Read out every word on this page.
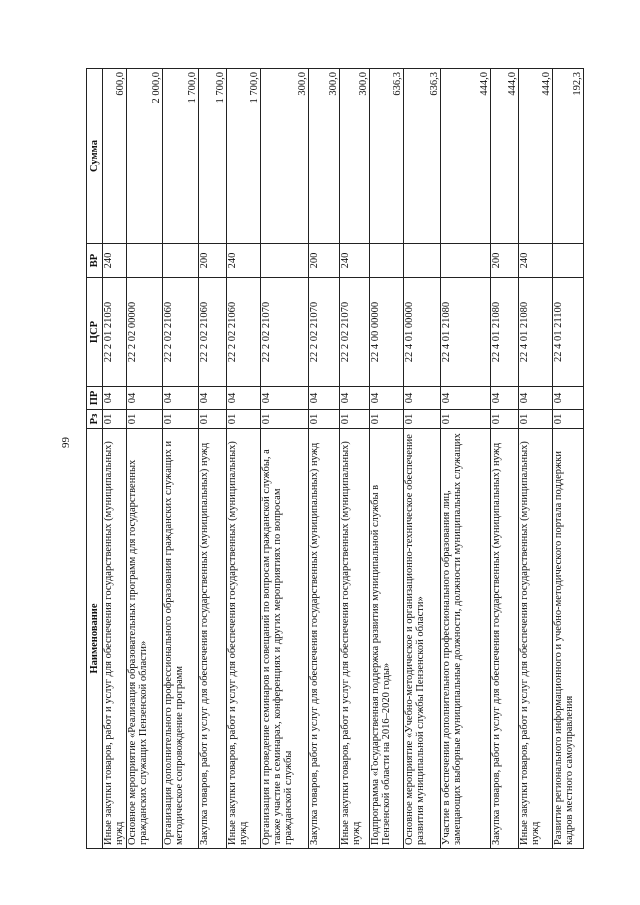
99
Наименование	Рз	ПР	ЦСР	ВР	Сумма
Иные закупки товаров, работ и услуг для обеспечения государственных (муниципальных) нужд	01	04	22 2 01 21050	240	600,0
Основное мероприятие «Реализация образовательных программ для государственных гражданских служащих Пензенской области»	01	04	22 2 02 00000		2 000,0
Организация дополнительного профессионального образования гражданских служащих и методическое сопровождение программ	01	04	22 2 02 21060		1 700,0
Закупка товаров, работ и услуг для обеспечения государственных (муниципальных) нужд	01	04	22 2 02 21060	200	1 700,0
Иные закупки товаров, работ и услуг для обеспечения государственных (муниципальных) нужд	01	04	22 2 02 21060	240	1 700,0
Организация и проведение семинаров и совещаний по вопросам гражданской службы, а также участие в семинарах, конференциях и других мероприятиях по вопросам гражданской службы	01	04	22 2 02 21070		300,0
Закупка товаров, работ и услуг для обеспечения государственных (муниципальных) нужд	01	04	22 2 02 21070	200	300,0
Иные закупки товаров, работ и услуг для обеспечения государственных (муниципальных) нужд	01	04	22 2 02 21070	240	300,0
Подпрограмма «Государственная поддержка развития муниципальной службы в Пензенской области на 2016–2020 годы»	01	04	22 4 00 00000		636,3
Основное мероприятие «Учебно-методическое и организационно-техническое обеспечение развития муниципальной службы Пензенской области»	01	04	22 4 01 00000		636,3
Участие в обеспечении дополнительного профессионального образования лиц, замещающих выборные муниципальные должности, должности муниципальных служащих	01	04	22 4 01 21080		444,0
Закупка товаров, работ и услуг для обеспечения государственных (муниципальных) нужд	01	04	22 4 01 21080	200	444,0
Иные закупки товаров, работ и услуг для обеспечения государственных (муниципальных) нужд	01	04	22 4 01 21080	240	444,0
Развитие регионального информационного и учебно-методического портала поддержки кадров местного самоуправления	01	04	22 4 01 21100		192,3
